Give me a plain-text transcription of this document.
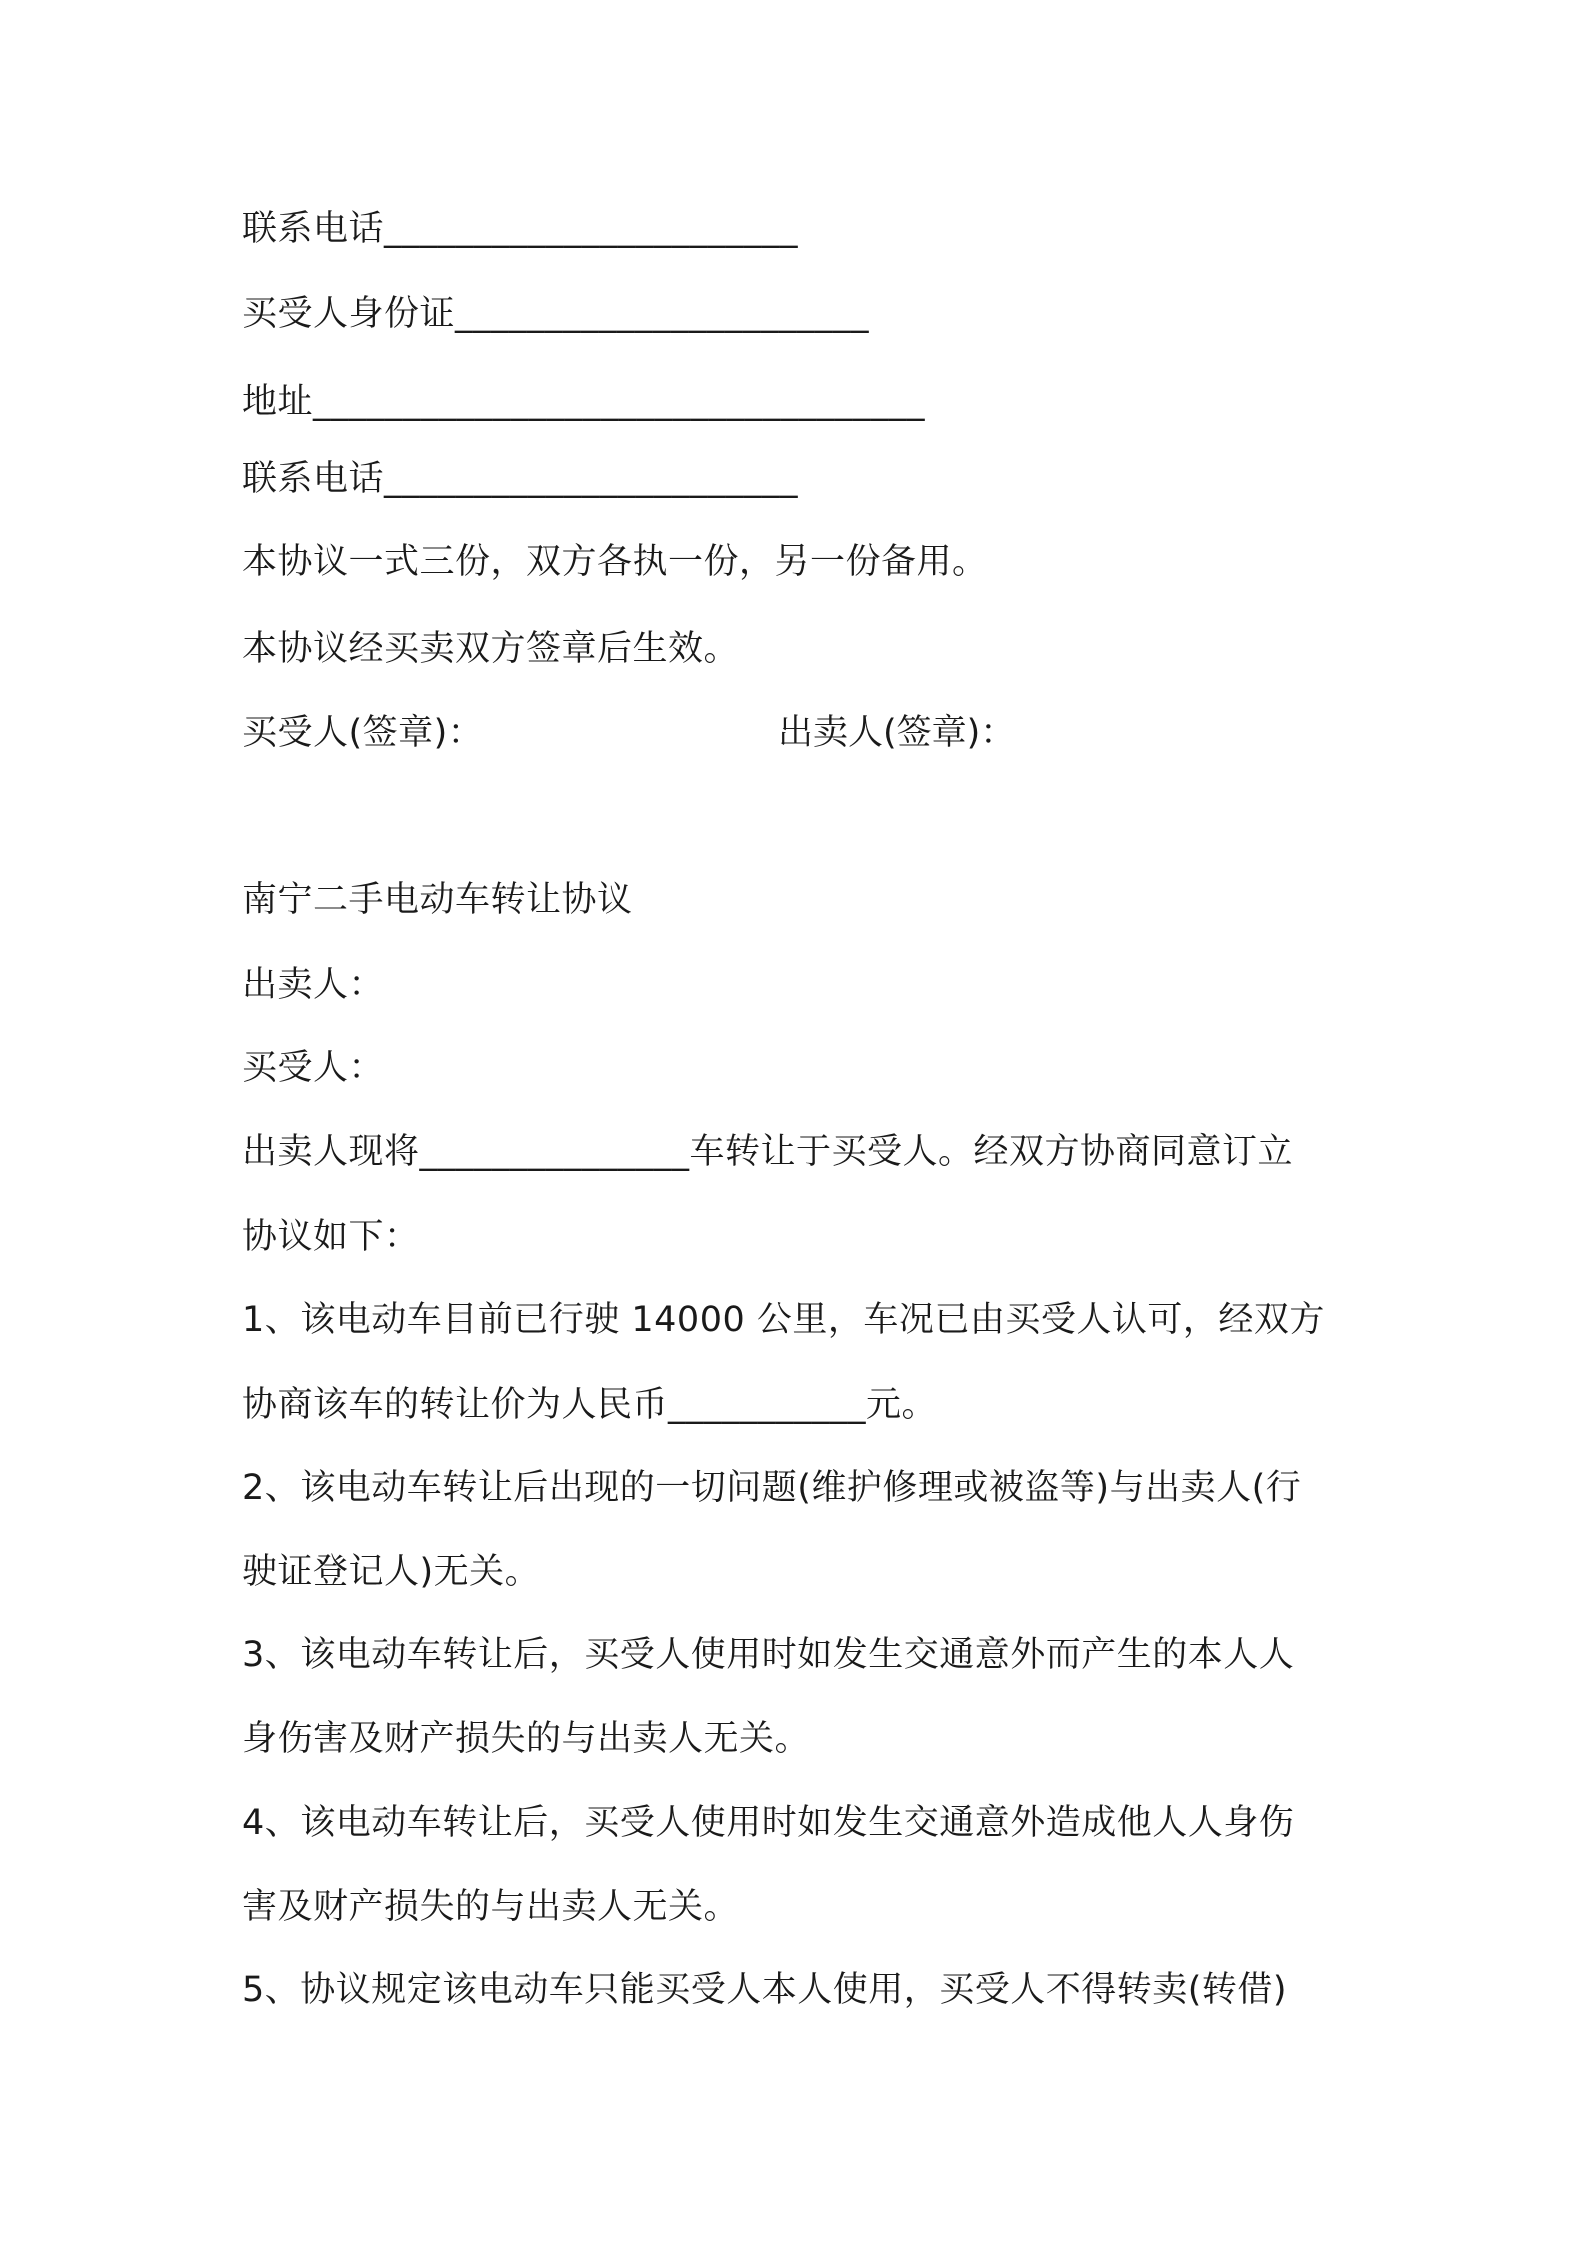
联系电话_______________________
买受人身份证_______________________
地址__________________________________
联系电话_______________________
本协议一式三份，双方各执一份，另一份备用。
本协议经买卖双方签章后生效。
买受人(签章)：	出卖人(签章)：
南宁二手电动车转让协议
出卖人：
买受人：
出卖人现将_______________车转让于买受人。经双方协商同意订立
协议如下：
1、该电动车目前已行驶 14000 公里，车况已由买受人认可，经双方
协商该车的转让价为人民币___________元。
2、该电动车转让后出现的一切问题(维护修理或被盗等)与出卖人(行
驶证登记人)无关。
3、该电动车转让后，买受人使用时如发生交通意外而产生的本人人
身伤害及财产损失的与出卖人无关。
4、该电动车转让后，买受人使用时如发生交通意外造成他人人身伤
害及财产损失的与出卖人无关。
5、协议规定该电动车只能买受人本人使用，买受人不得转卖(转借)
